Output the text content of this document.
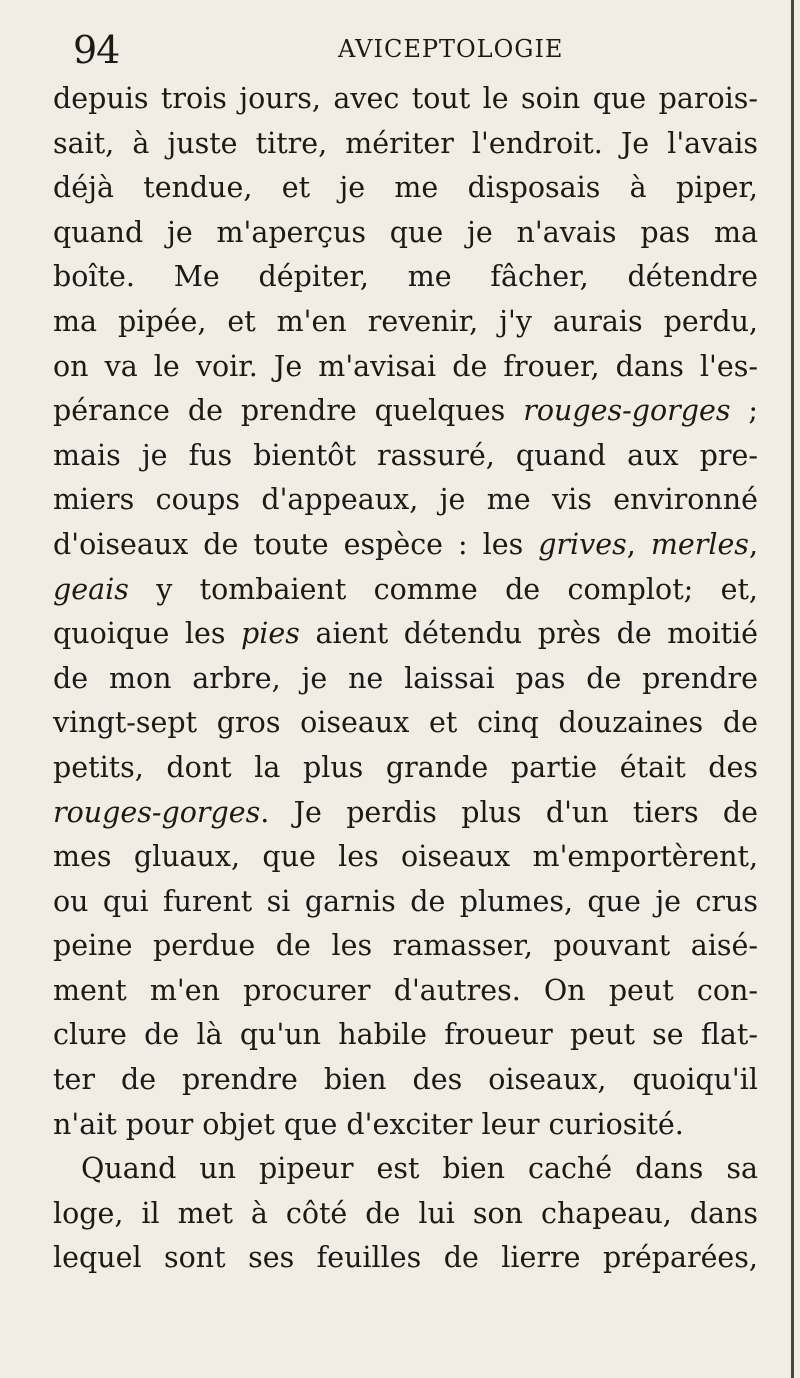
94	AVICEPTOLOGIE
depuis trois jours, avec tout le soin que parois-
sait, à juste titre, mériter l'endroit. Je l'avais
déjà tendue, et je me disposais à piper,
quand je m'aperçus que je n'avais pas ma
boîte. Me dépiter, me fâcher, détendre
ma pipée, et m'en revenir, j'y aurais perdu,
on va le voir. Je m'avisai de frouer, dans l'es-
pérance de prendre quelques rouges-gorges ;
mais je fus bientôt rassuré, quand aux pre-
miers coups d'appeaux, je me vis environné
d'oiseaux de toute espèce : les grives, merles,
geais y tombaient comme de complot; et,
quoique les pies aient détendu près de moitié
de mon arbre, je ne laissai pas de prendre
vingt-sept gros oiseaux et cinq douzaines de
petits, dont la plus grande partie était des
rouges-gorges. Je perdis plus d'un tiers de
mes gluaux, que les oiseaux m'emportèrent,
ou qui furent si garnis de plumes, que je crus
peine perdue de les ramasser, pouvant aisé-
ment m'en procurer d'autres. On peut con-
clure de là qu'un habile froueur peut se flat-
ter de prendre bien des oiseaux, quoiqu'il
n'ait pour objet que d'exciter leur curiosité.
Quand un pipeur est bien caché dans sa
loge, il met à côté de lui son chapeau, dans
lequel sont ses feuilles de lierre préparées,
